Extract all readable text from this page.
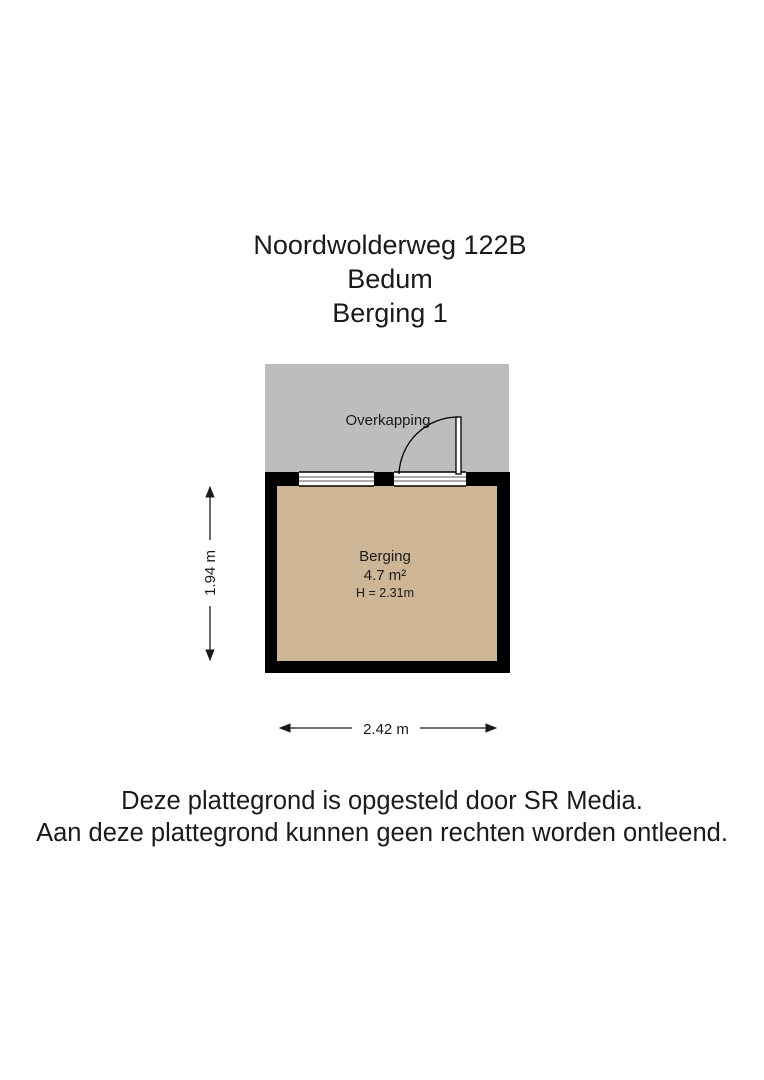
Noordwolderweg 122B
Bedum
Berging 1
Overkapping
Berging
4.7 m²
H = 2.31m
1.94 m
2.42 m
Deze plattegrond is opgesteld door SR Media.
Aan deze plattegrond kunnen geen rechten worden ontleend.
